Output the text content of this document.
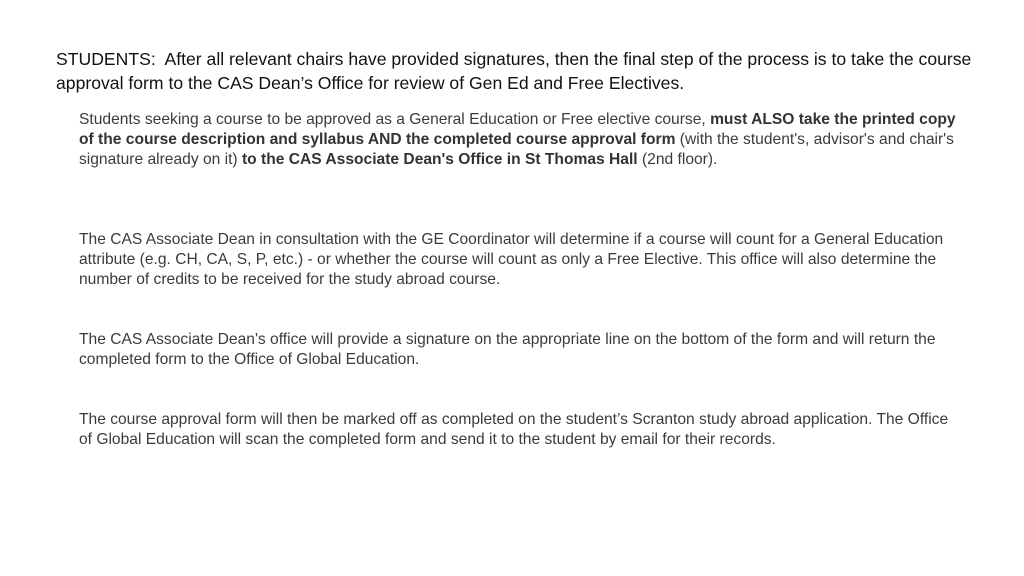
STUDENTS:  After all relevant chairs have provided signatures, then the final step of the process is to take the course approval form to the CAS Dean’s Office for review of Gen Ed and Free Electives.

Students seeking a course to be approved as a General Education or Free elective course, must ALSO take the printed copy of the course description and syllabus AND the completed course approval form (with the student's, advisor's and chair's signature already on it) to the CAS Associate Dean's Office in St Thomas Hall (2nd floor).

The CAS Associate Dean in consultation with the GE Coordinator will determine if a course will count for a General Education attribute (e.g. CH, CA, S, P, etc.) - or whether the course will count as only a Free Elective. This office will also determine the number of credits to be received for the study abroad course.

The CAS Associate Dean's office will provide a signature on the appropriate line on the bottom of the form and will return the completed form to the Office of Global Education.

The course approval form will then be marked off as completed on the student’s Scranton study abroad application. The Office of Global Education will scan the completed form and send it to the student by email for their records.
